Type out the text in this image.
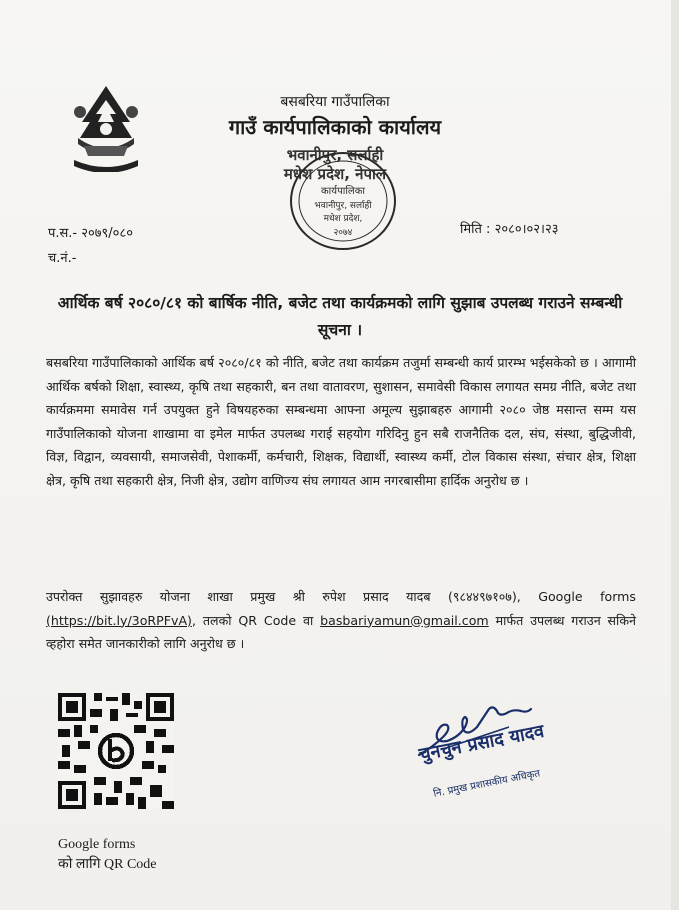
बसबरिया गाउँपालिका
गाउँ कार्यपालिकाको कार्यालय
भवानीपुर, सर्लाही
मधेश प्रदेश, नेपाल
कार्यपालिका
भवानीपुर, सर्लाही
मधेश प्रदेश,
२०७४
प.स.- २०७९/०८०
च.नं.-
मिति : २०८०।०२।२३
आर्थिक बर्ष २०८०/८१ को बार्षिक नीति, बजेट तथा कार्यक्रमको लागि सुझाब उपलब्ध गराउने सम्बन्धी सूचना ।
बसबरिया गाउँपालिकाको आर्थिक बर्ष २०८०/८१ को नीति, बजेट तथा कार्यक्रम तजुर्मा सम्बन्धी कार्य प्रारम्भ भईसकेको छ । आगामी आर्थिक बर्षको शिक्षा, स्वास्थ्य, कृषि तथा सहकारी, बन तथा वातावरण, सुशासन, समावेसी विकास लगायत समग्र नीति, बजेट तथा कार्यक्रममा समावेस गर्न उपयुक्त हुने विषयहरुका सम्बन्धमा आफ्ना अमूल्य सुझाबहरु आगामी २०८० जेष्ठ मसान्त सम्म यस गाउँपालिकाको योजना शाखामा वा इमेल मार्फत उपलब्ध गराई सहयोग गरिदिनु हुन सबै राजनैतिक दल, संघ, संस्था, बुद्धिजीवी, विज्ञ, विद्वान, व्यवसायी, समाजसेवी, पेशाकर्मी, कर्मचारी, शिक्षक, विद्यार्थी, स्वास्थ्य कर्मी, टोल विकास संस्था, संचार क्षेत्र, शिक्षा क्षेत्र, कृषि तथा सहकारी क्षेत्र, निजी क्षेत्र, उद्योग वाणिज्य संघ लगायत आम नगरबासीमा हार्दिक अनुरोध छ ।
उपरोक्त सुझावहरु योजना शाखा प्रमुख श्री रुपेश प्रसाद यादब (९८४४९७१०७), Google forms (https://bit.ly/3oRPFvA), तलको QR Code वा basbariyamun@gmail.com मार्फत उपलब्ध गराउन सकिने व्हहोरा समेत जानकारीको लागि अनुरोध छ ।
Google forms
को लागि QR Code
चुनचुन प्रसाद यादव
नि. प्रमुख प्रशासकीय अधिकृत
